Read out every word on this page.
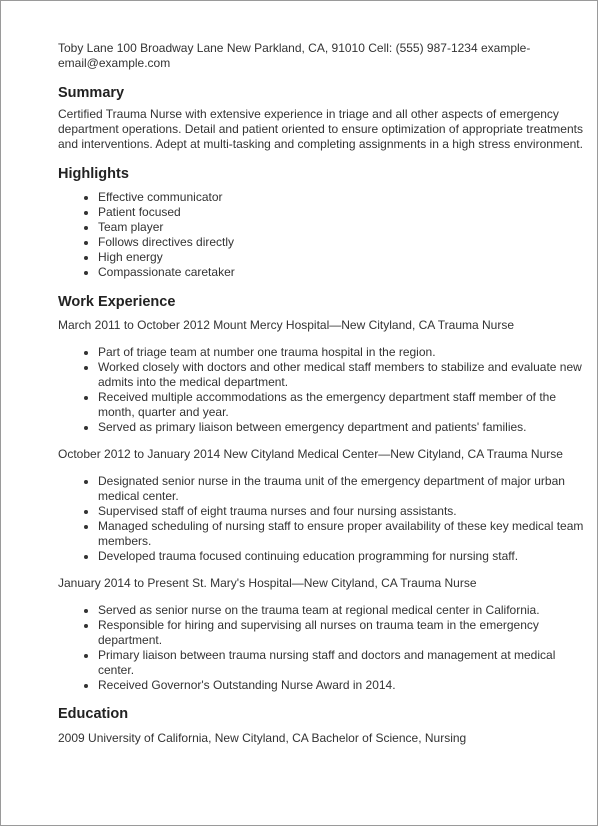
Toby Lane 100 Broadway Lane New Parkland, CA, 91010 Cell: (555) 987-1234 example-email@example.com

Summary

Certified Trauma Nurse with extensive experience in triage and all other aspects of emergency department operations. Detail and patient oriented to ensure optimization of appropriate treatments and interventions. Adept at multi-tasking and completing assignments in a high stress environment.

Highlights
Effective communicator
Patient focused
Team player
Follows directives directly
High energy
Compassionate caretaker
Work Experience

March 2011 to October 2012 Mount Mercy Hospital—New Cityland, CA Trauma Nurse

Part of triage team at number one trauma hospital in the region.
Worked closely with doctors and other medical staff members to stabilize and evaluate new admits into the medical department.
Received multiple accommodations as the emergency department staff member of the month, quarter and year.
Served as primary liaison between emergency department and patients' families.

October 2012 to January 2014 New Cityland Medical Center—New Cityland, CA Trauma Nurse

Designated senior nurse in the trauma unit of the emergency department of major urban medical center.
Supervised staff of eight trauma nurses and four nursing assistants.
Managed scheduling of nursing staff to ensure proper availability of these key medical team members.
Developed trauma focused continuing education programming for nursing staff.

January 2014 to Present St. Mary's Hospital—New Cityland, CA Trauma Nurse

Served as senior nurse on the trauma team at regional medical center in California.
Responsible for hiring and supervising all nurses on trauma team in the emergency department.
Primary liaison between trauma nursing staff and doctors and management at medical center.
Received Governor's Outstanding Nurse Award in 2014.
Education

2009 University of California, New Cityland, CA Bachelor of Science, Nursing
